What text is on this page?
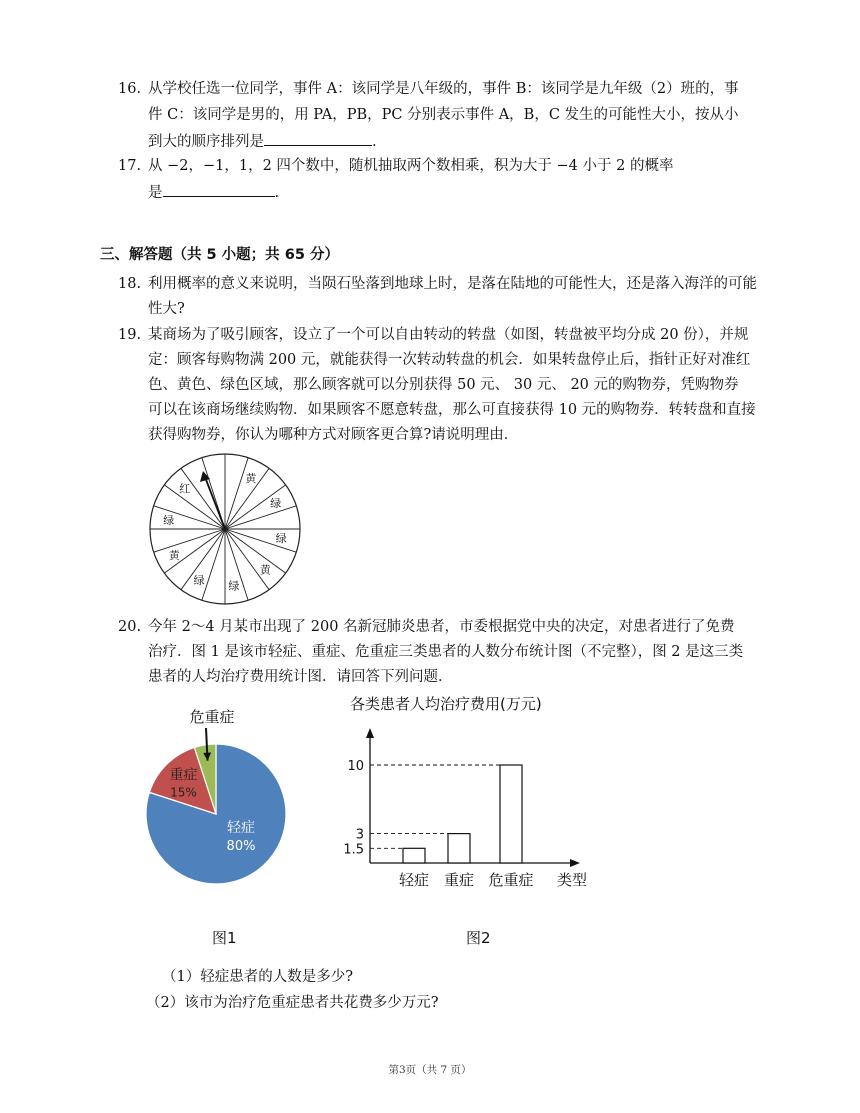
16. 从学校任选一位同学，事件 A：该同学是八年级的，事件 B：该同学是九年级（2）班的，事
件 C：该同学是男的，用 PA，PB，PC 分别表示事件 A，B，C 发生的可能性大小，按从小
到大的顺序排列是	.
17. 从 −2，−1，1，2 四个数中，随机抽取两个数相乘，积为大于 −4 小于 2 的概率
是	.
三、解答题（共 5 小题；共 65 分）
18. 利用概率的意义来说明，当陨石坠落到地球上时，是落在陆地的可能性大，还是落入海洋的可能
性大?
19. 某商场为了吸引顾客，设立了一个可以自由转动的转盘（如图，转盘被平均分成 20 份），并规
定：顾客每购物满 200 元，就能获得一次转动转盘的机会．如果转盘停止后，指针正好对准红
色、黄色、绿色区域，那么顾客就可以分别获得 50 元、 30 元、 20 元的购物券，凭购物券
可以在该商场继续购物．如果顾客不愿意转盘，那么可直接获得 10 元的购物券．转转盘和直接
获得购物券，你认为哪种方式对顾客更合算?请说明理由．
黄
绿
绿
黄
绿
绿
黄
绿
红
20. 今年 2～4 月某市出现了 200 名新冠肺炎患者，市委根据党中央的决定，对患者进行了免费
治疗．图 1 是该市轻症、重症、危重症三类患者的人数分布统计图（不完整），图 2 是这三类
患者的人均治疗费用统计图．请回答下列问题．
轻症
80%
重症
15%
危重症
图1
各类患者人均治疗费用(万元)
1.5
轻症
3
重症
10
危重症 类型
图2
（1）轻症患者的人数是多少?
（2）该市为治疗危重症患者共花费多少万元?
第3页（共 7 页）
